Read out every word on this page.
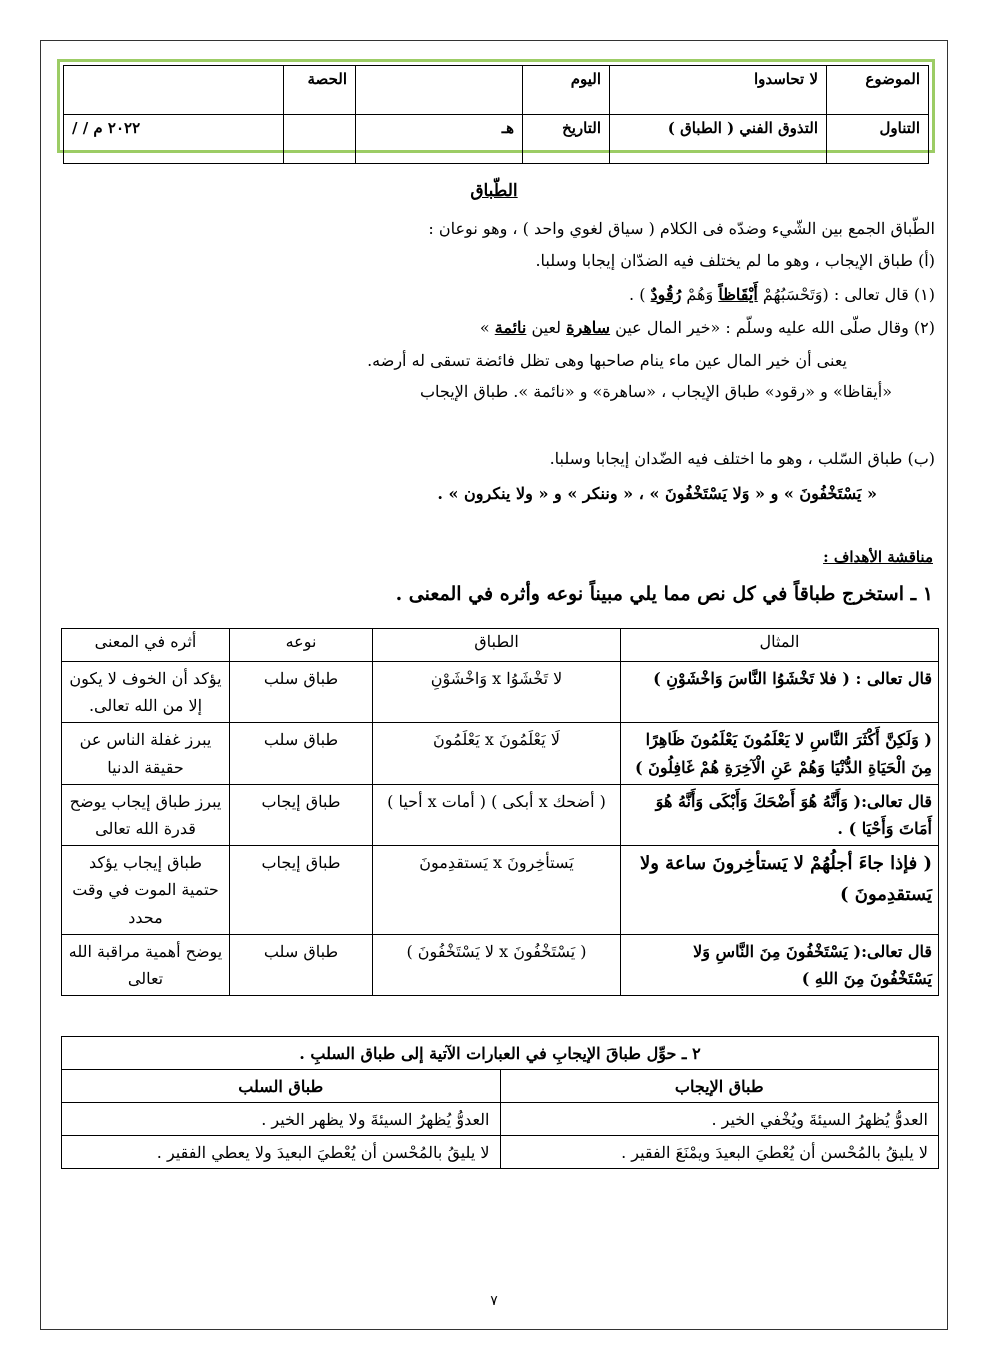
الموضوع	لا تحاسدوا	اليوم		الحصة	
التناول	التذوق الفني ( الطباق )	التاريخ	هـ		/ / ٢٠٢٢ م
الطّباق
الطّباق الجمع بين الشّيء وضدّه فى الكلام ( سياق لغوي واحد ) ، وهو نوعان :
(أ) طباق الإيجاب ، وهو ما لم يختلف فيه الضدّان إيجابا وسلبا.
(١) قال تعالى : (وَتَحْسَبُهُمْ أَيْقَاظاً وَهُمْ رُقُودٌ ) .
(٢) وقال صلّى الله عليه وسلّم : «خير المال عين ساهرة لعين نائمة »
يعنى أن خير المال عين ماء ينام صاحبها وهى تظل فائضة تسقى له أرضه.
«أيقاظا» و «رقود» طباق الإيجاب ، «ساهرة» و «نائمة ». طباق الإيجاب
(ب) طباق السّلب ، وهو ما اختلف فيه الضّدان إيجابا وسلبا.
« يَسْتَخْفُونَ » و « وَلا يَسْتَخْفُونَ » ، « وننكر » و « ولا ينكرون » .
مناقشة الأهداف :
١ ـ استخرج طباقاً في كل نص مما يلي مبيناً نوعه وأثره في المعنى .
المثال	الطباق	نوعه	أثره في المعنى
قال تعالى : ( فلا تَخْشَوُا النَّاسَ وَاخْشَوْنِ )	لا تَخْشَوُا x وَاخْشَوْنِ	طباق سلب	يؤكد أن الخوف لا يكون إلا من الله تعالى.
( وَلَكِنَّ أَكْثَرَ النَّاسِ لا يَعْلَمُونَ يَعْلَمُونَ ظَاهِرًا مِنَ الْحَيَاةِ الدُّنْيَا وَهُمْ عَنِ الْآخِرَةِ هُمْ غَافِلُونَ )	لَا يَعْلَمُونَ x يَعْلَمُونَ	طباق سلب	يبرز غفلة الناس عن حقيقة الدنيا
قال تعالى:( وَأَنَّهُ هُوَ أَضْحَكَ وَأَبْكَى وَأَنَّهُ هُوَ أَمَاتَ وَأَحْيَا ) .	( أضحك x أبكى ) ( أمات x أحيا )	طباق إيجاب	يبرز طباق إيجاب يوضح قدرة الله تعالى
( فإذا جاءَ أجلُهُمْ لا يَستأخِرونَ ساعة ولا يَستقدِمونَ )	يَستأخِرونَ x يَستقدِمونَ	طباق إيجاب	طباق إيجاب يؤكد حتمية الموت في وقت محدد
قال تعالى:( يَسْتَخْفُونَ مِنَ النَّاسِ وَلا يَسْتَخْفُونَ مِنَ اللهِ )	( يَسْتَخْفُونَ x لا يَسْتَخْفُونَ )	طباق سلب	يوضح أهمية مراقبة الله تعالى
٢ ـ حوِّل طباقَ الإيجابِ في العبارات الآتية إلى طباق السلبِ .	
طباق الإيجاب	طباق السلب
العدوُّ يُظهرُ السيئةَ ويُخْفي الخير .	العدوُّ يُظهرُ السيئةَ ولا يظهر الخير .
لا يليقُ بالمُحْسن أن يُعْطيَ البعيدَ ويمْنَعَ الفقير .	لا يليقُ بالمُحْسن أن يُعْطيَ البعيدَ ولا يعطي الفقير .
٧
